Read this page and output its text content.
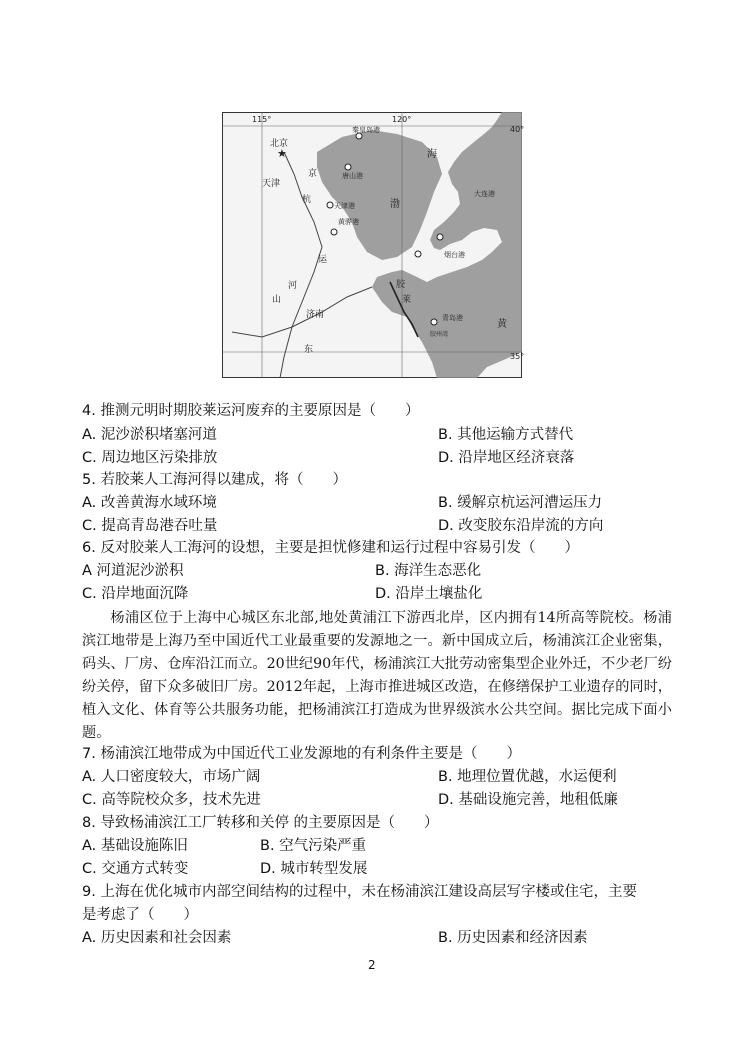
★
115°	120°
40°
35°
北京
天津
秦皇岛港
唐山港
天津港
黄骅港
大连港
烟台港
青岛港
胶州湾
济南
渤
海
黄
胶
莱
京
杭
运
河
山
东
4. 推测元明时期胶莱运河废弃的主要原因是（　　）
A. 泥沙淤积堵塞河道	B. 其他运输方式替代
C. 周边地区污染排放	D. 沿岸地区经济衰落
5. 若胶莱人工海河得以建成，将（　　）
A. 改善黄海水域环境	B. 缓解京杭运河漕运压力
C. 提高青岛港吞吐量	D. 改变胶东沿岸流的方向
6. 反对胶莱人工海河的设想，主要是担忧修建和运行过程中容易引发（　　）
A 河道泥沙淤积	B. 海洋生态恶化
C. 沿岸地面沉降	D. 沿岸土壤盐化

杨浦区位于上海中心城区东北部,地处黄浦江下游西北岸，区内拥有14所高等院校。杨浦滨江地带是上海乃至中国近代工业最重要的发源地之一。新中国成立后，杨浦滨江企业密集，码头、厂房、仓库沿江而立。20世纪90年代，杨浦滨江大批劳动密集型企业外迁，不少老厂纷纷关停，留下众多破旧厂房。2012年起，上海市推进城区改造，在修缮保护工业遗存的同时，植入文化、体育等公共服务功能，把杨浦滨江打造成为世界级滨水公共空间。据比完成下面小题。

7. 杨浦滨江地带成为中国近代工业发源地的有利条件主要是（　　）
A. 人口密度较大，市场广阔	B. 地理位置优越，水运便利
C. 高等院校众多，技术先进	D. 基础设施完善，地租低廉
8. 导致杨浦滨江工厂转移和关停 的主要原因是（　　）
A. 基础设施陈旧	B. 空气污染严重
C. 交通方式转变	D. 城市转型发展
9. 上海在优化城市内部空间结构的过程中，未在杨浦滨江建设高层写字楼或住宅，主要
是考虑了（　　）
A. 历史因素和社会因素	B. 历史因素和经济因素
2
